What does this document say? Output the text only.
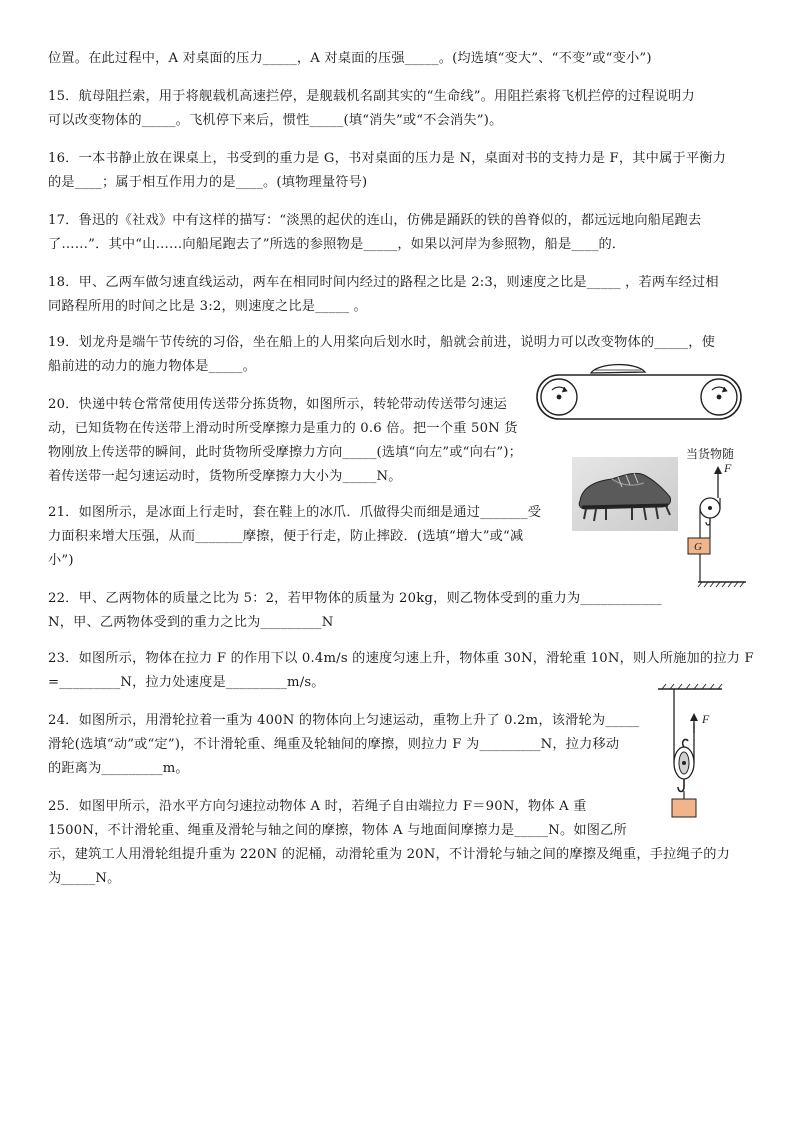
位置。在此过程中，A 对桌面的压力_____，A 对桌面的压强_____。(均选填“变大”、“不变”或“变小”)
15．航母阻拦索，用于将舰载机高速拦停，是舰载机名副其实的“生命线”。用阻拦索将飞机拦停的过程说明力
可以改变物体的_____。飞机停下来后，惯性_____(填“消失”或“不会消失”)。
16．一本书静止放在课桌上，书受到的重力是 G，书对桌面的压力是 N，桌面对书的支持力是 F，其中属于平衡力
的是____；属于相互作用力的是____。(填物理量符号)
17．鲁迅的《社戏》中有这样的描写：“淡黑的起伏的连山，仿佛是踊跃的铁的兽脊似的，都远远地向船尾跑去
了……”．其中“山……向船尾跑去了”所选的参照物是_____，如果以河岸为参照物，船是____的．
18．甲、乙两车做匀速直线运动，两车在相同时间内经过的路程之比是 2:3，则速度之比是_____ ，若两车经过相
同路程所用的时间之比是 3:2，则速度之比是_____ 。
19．划龙舟是端午节传统的习俗，坐在船上的人用桨向后划水时，船就会前进，说明力可以改变物体的_____，使
船前进的动力的施力物体是_____。
20．快递中转仓常常使用传送带分拣货物，如图所示，转轮带动传送带匀速运
动，已知货物在传送带上滑动时所受摩擦力是重力的 0.6 倍。把一个重 50N 货
物刚放上传送带的瞬间，此时货物所受摩擦力方向_____(选填“向左”或“向右”)；
着传送带一起匀速运动时，货物所受摩擦力大小为_____N。
21．如图所示，是冰面上行走时，套在鞋上的冰爪．爪做得尖而细是通过_______受
力面积来增大压强，从而_______摩擦，便于行走，防止摔跤．(选填“增大”或“减
小”)
22．甲、乙两物体的质量之比为 5：2，若甲物体的质量为 20kg，则乙物体受到的重力为____________
N，甲、乙两物体受到的重力之比为_________N
23．如图所示，物体在拉力 F 的作用下以 0.4m/s 的速度匀速上升，物体重 30N，滑轮重 10N，则人所施加的拉力 F
=_________N，拉力处速度是_________m/s。
24．如图所示，用滑轮拉着一重为 400N 的物体向上匀速运动，重物上升了 0.2m，该滑轮为_____
滑轮(选填“动”或“定”)，不计滑轮重、绳重及轮轴间的摩擦，则拉力 F 为_________N，拉力移动
的距离为_________m。
25．如图甲所示，沿水平方向匀速拉动物体 A 时，若绳子自由端拉力 F＝90N，物体 A 重
1500N，不计滑轮重、绳重及滑轮与轴之间的摩擦，物体 A 与地面间摩擦力是_____N。如图乙所
示，建筑工人用滑轮组提升重为 220N 的泥桶，动滑轮重为 20N，不计滑轮与轴之间的摩擦及绳重，手拉绳子的力
为_____N。
当货物随
F
G
F
